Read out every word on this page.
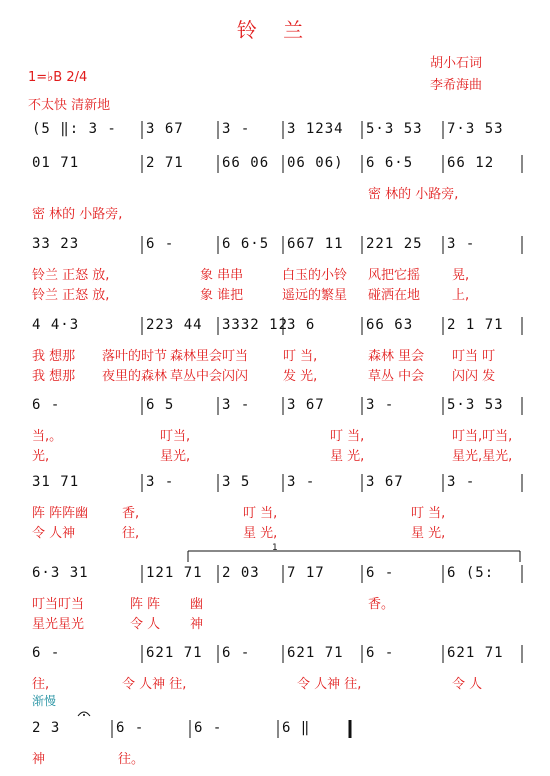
铃 兰
胡小石词
李希海曲
1=♭B 2/4
不太快 清新地
(5 ‖: 3 - 3 67	3 -	3 1234 5·3 53 7·3 53
01 71	2 71	66 06 06 06) 6 6·5 66 12
密 林的 小路旁,
密 林的 小路旁,
33 23	6 -	6 6·5 667 11 221 25 3 -
铃兰 正怒 放,	象 串串	白玉的小铃 风把它摇 晃,
铃兰 正怒 放,	象 谁把	遥远的繁星 碰洒在地 上,
4 4·3	223 44 3332 12
3 6	66 63 2 1 71
我 想那 落叶的时节 森林里会叮当	叮 当,	森林 里会 叮当 叮
我 想那 夜里的森林 草丛中会闪闪	发 光,	草丛 中会 闪闪 发
6 -	6 5	3 -	3 67	3 -	5·3 53
当,。	叮当,	叮 当,	叮当,叮当,
光,	星光,	星 光,	星光,星光,
31 71	3 -	3 5	3 -	3 67	3 -
阵 阵阵幽	香,	叮 当,	叮 当,
令 人神	往,	星 光,	星 光,
6·3 31	121 71 2 03 7 17	6 -	6 (5:
叮当叮当	阵 阵 幽	香。
星光星光	令 人 神
6 -	621 71 6 -	621 71 6 -	621 71
往,	令 人神 往,	令 人神 往,	令 人
2 3	6 -	6 -	6 ‖
神	往。
渐慢
1
